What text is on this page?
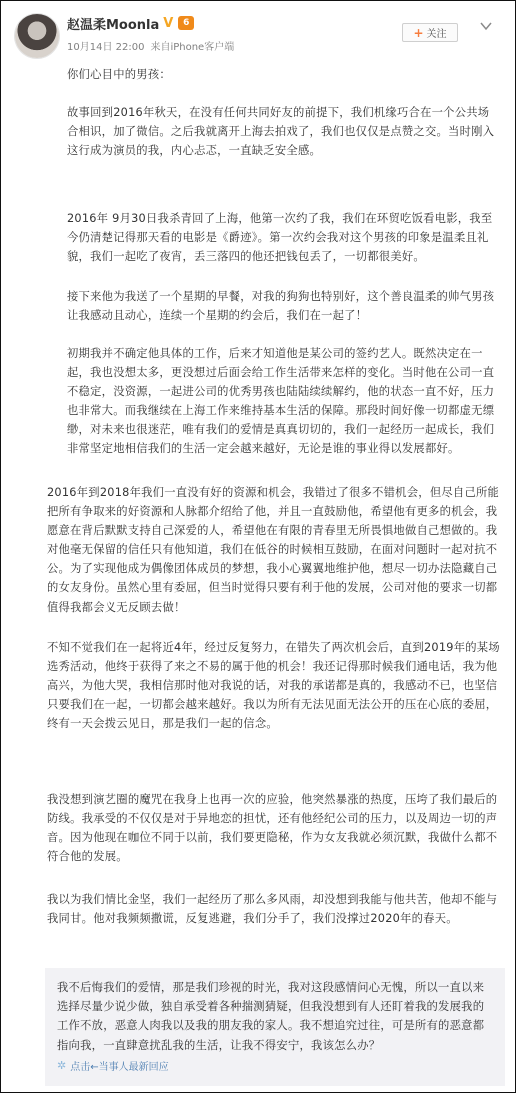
赵温柔Moonla V	6
10月14日 22:00 来自 iPhone客户端
+ 关注

你们心目中的男孩：

故事回到2016年秋天，在没有任何共同好友的前提下，我们机缘巧合在一个公共场合相识，加了微信。之后我就离开上海去拍戏了，我们也仅仅是点赞之交。当时刚入这行成为演员的我，内心忐忑，一直缺乏安全感。

2016年 9月30日我杀青回了上海，他第一次约了我，我们在环贸吃饭看电影，我至今仍清楚记得那天看的电影是《爵迹》。第一次约会我对这个男孩的印象是温柔且礼貌，我们一起吃了夜宵，丢三落四的他还把钱包丢了，一切都很美好。

接下来他为我送了一个星期的早餐，对我的狗狗也特别好，这个善良温柔的帅气男孩让我感动且动心，连续一个星期的约会后，我们在一起了！

初期我并不确定他具体的工作，后来才知道他是某公司的签约艺人。既然决定在一起，我也没想太多，更没想过后面会给工作生活带来怎样的变化。当时他在公司一直不稳定，没资源，一起进公司的优秀男孩也陆陆续续解约，他的状态一直不好，压力也非常大。而我继续在上海工作来维持基本生活的保障。那段时间好像一切都虚无缥缈，对未来也很迷茫，唯有我们的爱情是真真切切的，我们一起经历一起成长，我们非常坚定地相信我们的生活一定会越来越好，无论是谁的事业得以发展都好。

2016年到2018年我们一直没有好的资源和机会，我错过了很多不错机会，但尽自己所能把所有争取来的好资源和人脉都介绍给了他，并且一直鼓励他，希望他有更多的机会，我愿意在背后默默支持自己深爱的人，希望他在有限的青春里无所畏惧地做自己想做的。我对他毫无保留的信任只有他知道，我们在低谷的时候相互鼓励，在面对问题时一起对抗不公。为了实现他成为偶像团体成员的梦想，我小心翼翼地维护他，想尽一切办法隐藏自己的女友身份。虽然心里有委屈，但当时觉得只要有利于他的发展，公司对他的要求一切都值得我都会义无反顾去做！

不知不觉我们在一起将近4年，经过反复努力，在错失了两次机会后，直到2019年的某场选秀活动，他终于获得了来之不易的属于他的机会！我还记得那时候我们通电话，我为他高兴，为他大哭，我相信那时他对我说的话，对我的承诺都是真的，我感动不已，也坚信只要我们在一起，一切都会越来越好。我以为所有无法见面无法公开的压在心底的委屈，终有一天会拨云见日，那是我们一起的信念。

我没想到演艺圈的魔咒在我身上也再一次的应验，他突然暴涨的热度，压垮了我们最后的防线。我承受的不仅仅是对于异地恋的担忧，还有他经纪公司的压力，以及周边一切的声音。因为他现在咖位不同于以前，我们要更隐秘，作为女友我就必须沉默，我做什么都不符合他的发展。

我以为我们情比金坚，我们一起经历了那么多风雨，却没想到我能与他共苦，他却不能与我同甘。他对我频频撒谎，反复逃避，我们分手了，我们没撑过2020年的春天。

我不后悔我们的爱情，那是我们珍视的时光，我对这段感情问心无愧，所以一直以来选择尽量少说少做，独自承受着各种揣测猜疑，但我没想到有人还盯着我的发展我的工作不放，恶意人肉我以及我的朋友我的家人。我不想追究过往，可是所有的恶意都指向我，一直肆意扰乱我的生活，让我不得安宁，我该怎么办？

✲ 点击←当事人最新回应
